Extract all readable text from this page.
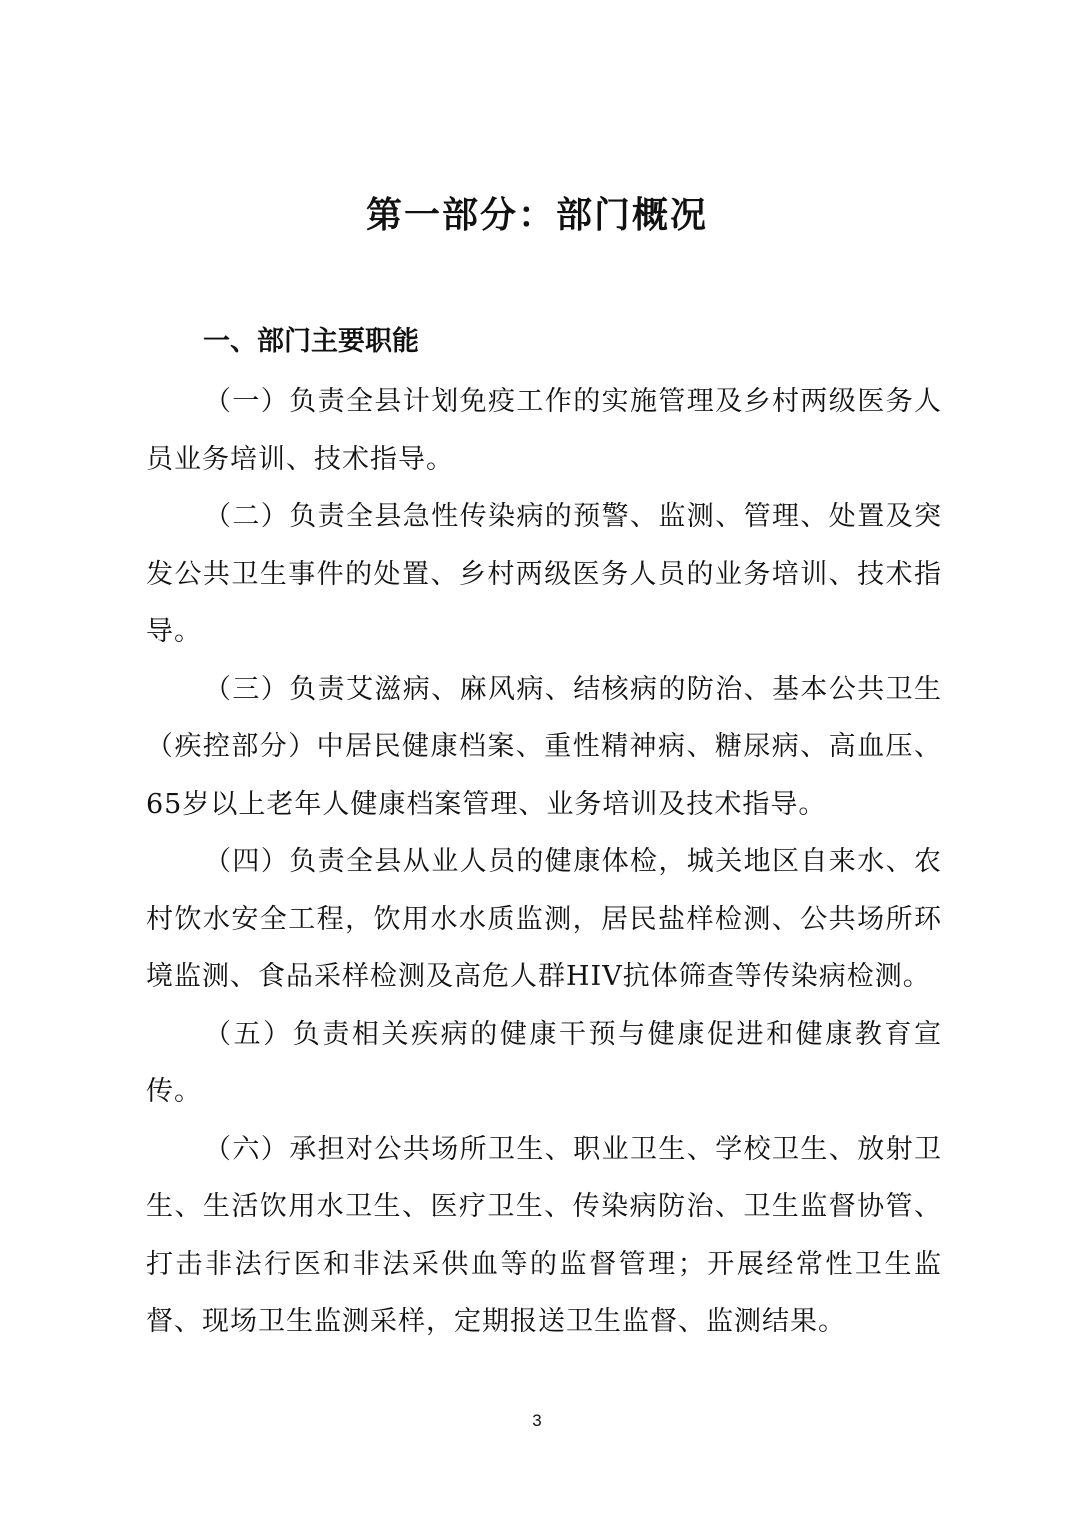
第一部分：部门概况
一、部门主要职能

（一）负责全县计划免疫工作的实施管理及乡村两级医务人员业务培训、技术指导。

（二）负责全县急性传染病的预警、监测、管理、处置及突发公共卫生事件的处置、乡村两级医务人员的业务培训、技术指导。

（三）负责艾滋病、麻风病、结核病的防治、基本公共卫生（疾控部分）中居民健康档案、重性精神病、糖尿病、高血压、65岁以上老年人健康档案管理、业务培训及技术指导。

（四）负责全县从业人员的健康体检，城关地区自来水、农村饮水安全工程，饮用水水质监测，居民盐样检测、公共场所环境监测、食品采样检测及高危人群HIV抗体筛查等传染病检测。

（五）负责相关疾病的健康干预与健康促进和健康教育宣传。

（六）承担对公共场所卫生、职业卫生、学校卫生、放射卫生、生活饮用水卫生、医疗卫生、传染病防治、卫生监督协管、打击非法行医和非法采供血等的监督管理；开展经常性卫生监督、现场卫生监测采样，定期报送卫生监督、监测结果。

3
